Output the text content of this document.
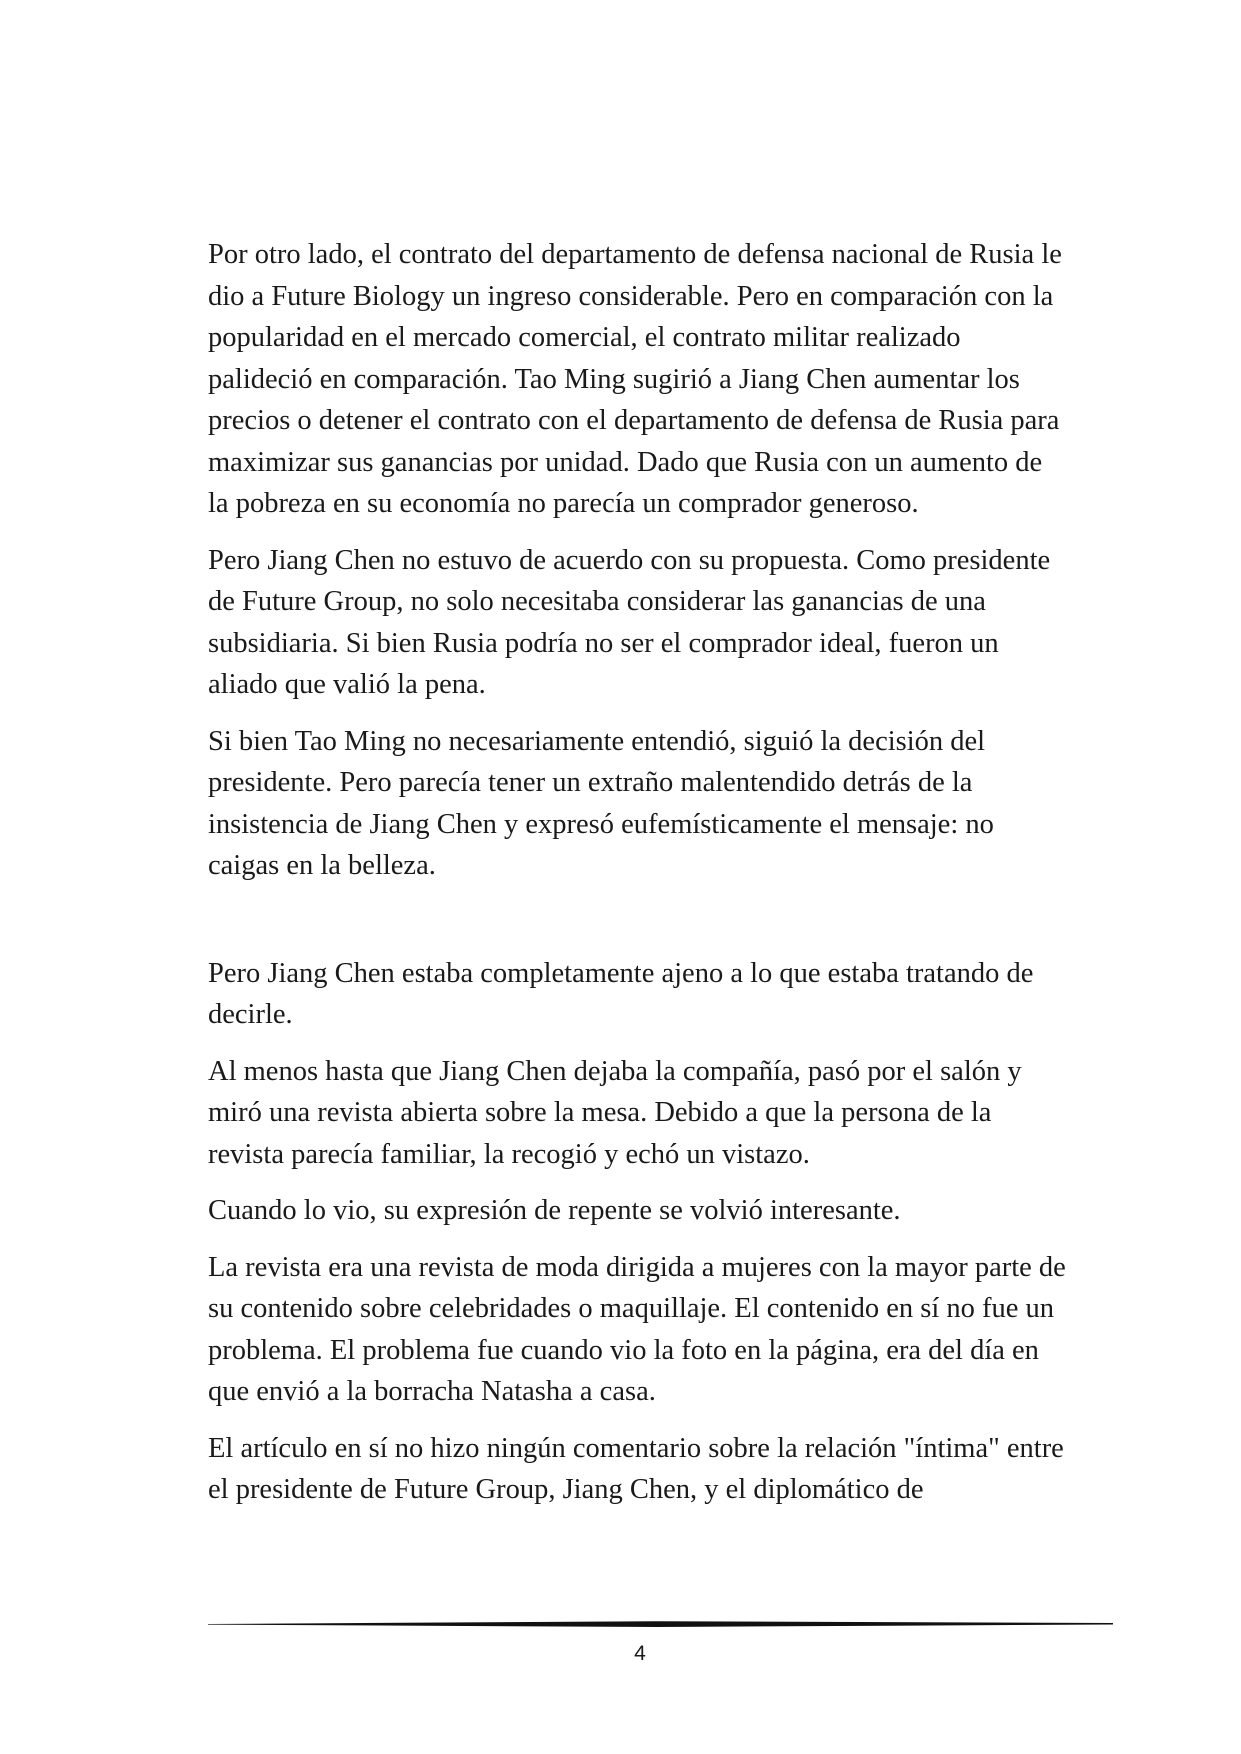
Por otro lado, el contrato del departamento de defensa nacional de Rusia le dio a Future Biology un ingreso considerable. Pero en comparación con la popularidad en el mercado comercial, el contrato militar realizado palideció en comparación. Tao Ming sugirió a Jiang Chen aumentar los precios o detener el contrato con el departamento de defensa de Rusia para maximizar sus ganancias por unidad. Dado que Rusia con un aumento de la pobreza en su economía no parecía un comprador generoso.

Pero Jiang Chen no estuvo de acuerdo con su propuesta. Como presidente de Future Group, no solo necesitaba considerar las ganancias de una subsidiaria. Si bien Rusia podría no ser el comprador ideal, fueron un aliado que valió la pena.

Si bien Tao Ming no necesariamente entendió, siguió la decisión del presidente. Pero parecía tener un extraño malentendido detrás de la insistencia de Jiang Chen y expresó eufemísticamente el mensaje: no caigas en la belleza.

Pero Jiang Chen estaba completamente ajeno a lo que estaba tratando de decirle.

Al menos hasta que Jiang Chen dejaba la compañía, pasó por el salón y miró una revista abierta sobre la mesa. Debido a que la persona de la revista parecía familiar, la recogió y echó un vistazo.

Cuando lo vio, su expresión de repente se volvió interesante.

La revista era una revista de moda dirigida a mujeres con la mayor parte de su contenido sobre celebridades o maquillaje. El contenido en sí no fue un problema. El problema fue cuando vio la foto en la página, era del día en que envió a la borracha Natasha a casa.

El artículo en sí no hizo ningún comentario sobre la relación "íntima" entre el presidente de Future Group, Jiang Chen, y el diplomático de

4
